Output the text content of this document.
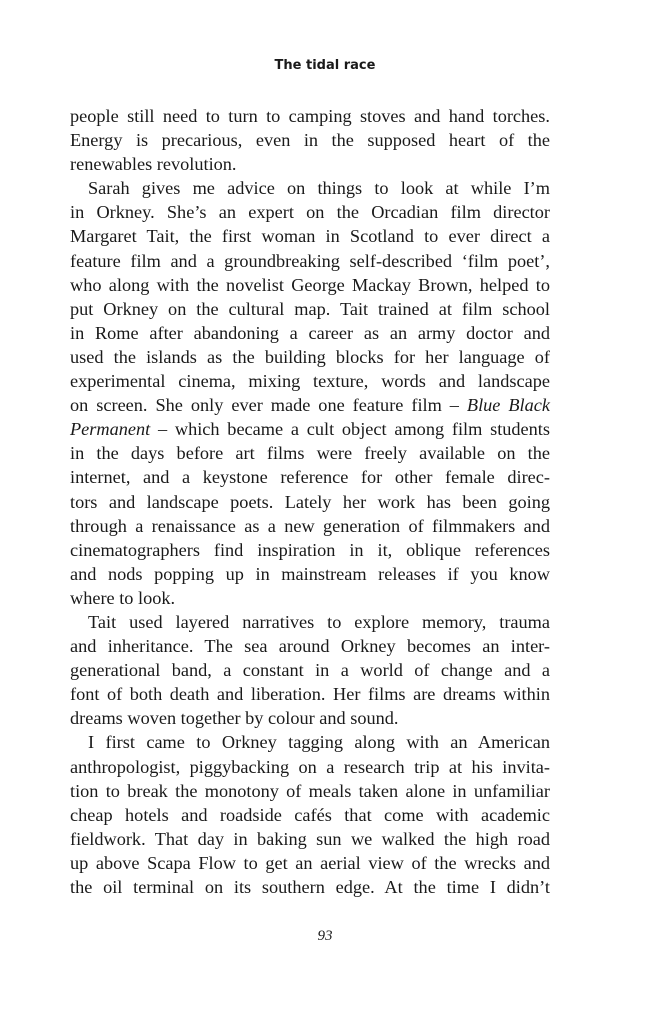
The tidal race
people still need to turn to camping stoves and hand torches.
Energy is precarious, even in the supposed heart of the
renewables revolution.
Sarah gives me advice on things to look at while I’m
in Orkney. She’s an expert on the Orcadian film director
Margaret Tait, the first woman in Scotland to ever direct a
feature film and a groundbreaking self-described ‘film poet’,
who along with the novelist George Mackay Brown, helped to
put Orkney on the cultural map. Tait trained at film school
in Rome after abandoning a career as an army doctor and
used the islands as the building blocks for her language of
experimental cinema, mixing texture, words and landscape
on screen. She only ever made one feature film – Blue Black
Permanent – which became a cult object among film students
in the days before art films were freely available on the
internet, and a keystone reference for other female direc-
tors and landscape poets. Lately her work has been going
through a renaissance as a new generation of filmmakers and
cinematographers find inspiration in it, oblique references
and nods popping up in mainstream releases if you know
where to look.
Tait used layered narratives to explore memory, trauma
and inheritance. The sea around Orkney becomes an inter-
generational band, a constant in a world of change and a
font of both death and liberation. Her films are dreams within
dreams woven together by colour and sound.
I first came to Orkney tagging along with an American
anthropologist, piggybacking on a research trip at his invita-
tion to break the monotony of meals taken alone in unfamiliar
cheap hotels and roadside cafés that come with academic
fieldwork. That day in baking sun we walked the high road
up above Scapa Flow to get an aerial view of the wrecks and
the oil terminal on its southern edge. At the time I didn’t
93
